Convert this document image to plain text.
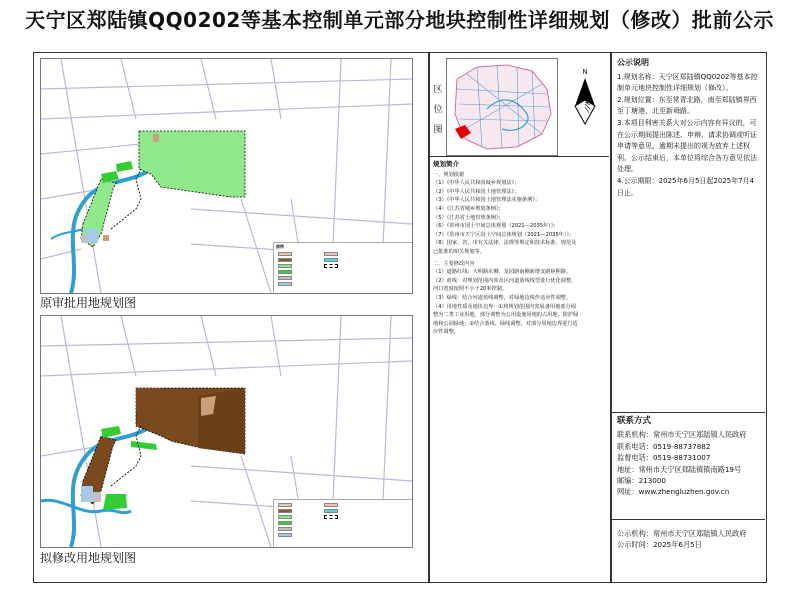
天宁区郑陆镇QQ0202等基本控制单元部分地块控制性详细规划（修改）批前公示
图例
原审批用地规划图
拟修改用地规划图
区
位
图
N
规划简介
一、规划依据
（1）《中华人民共和国城乡规划法》；
（2）《中华人民共和国土地管理法》；
（3）《中华人民共和国土地管理法实施条例》；
（4）《江苏省城乡规划条例》；
（5）《江苏省土地管理条例》；
（6）《常州市国土空间总体规划（2021—2035年）》；
（7）《常州市天宁区国土空间总体规划（2021—2035年）》；
（8）国家、省、市有关法律、法规等规定和技术标准、规范及
已批准的相关规划等。
二、主要修改内容
（1）道路红线：大明路东侧、龙园路南侧新增支路焦熙路。
（2）蓝线：对规划范围内涉及区河道蓝线线型进行优化调整，
河口宽度按照不小于20米控制。
（3）绿线：结合河道蓝线调整，对绿地边线作适应性调整。
（4）用地性质及地块边界：①将规划范围内宽展备用地部分调
整为二类工业用地，部分调整为公用设施用地的占用地、防护绿
地和公园绿地；②结合蓝线、绿线调整，对部分用地边界进行适
应性调整。
公示说明
1.规划名称：天宁区郑陆镇QQ0202等基本控制单元地块控制性详细规划（修改）。
2.规划位置：东至常青北路，南至郑陆镇界西至丁塘港，北至新舜路。
3.本项目利害关系人对公示内容有异议的，可在公示期间提出陈述、申辩，请求协调或听证申请等意见，逾期未提出的视为放弃上述权利。公示结束后，本单位将综合各方意见依法处理。
4.公示期限：2025年6月5日起2025年7月4日止。
联系方式
联系机构：常州市天宁区郑陆镇人民政府
联系电话：0519-88737882
监督电话：0519-88731007
地址：常州市天宁区郑陆镇镇南路19号
邮编：213000
网址：www.zhengluzhen.gov.cn
公示机构：常州市天宁区郑陆镇人民政府
公示时间：2025年6月5日
